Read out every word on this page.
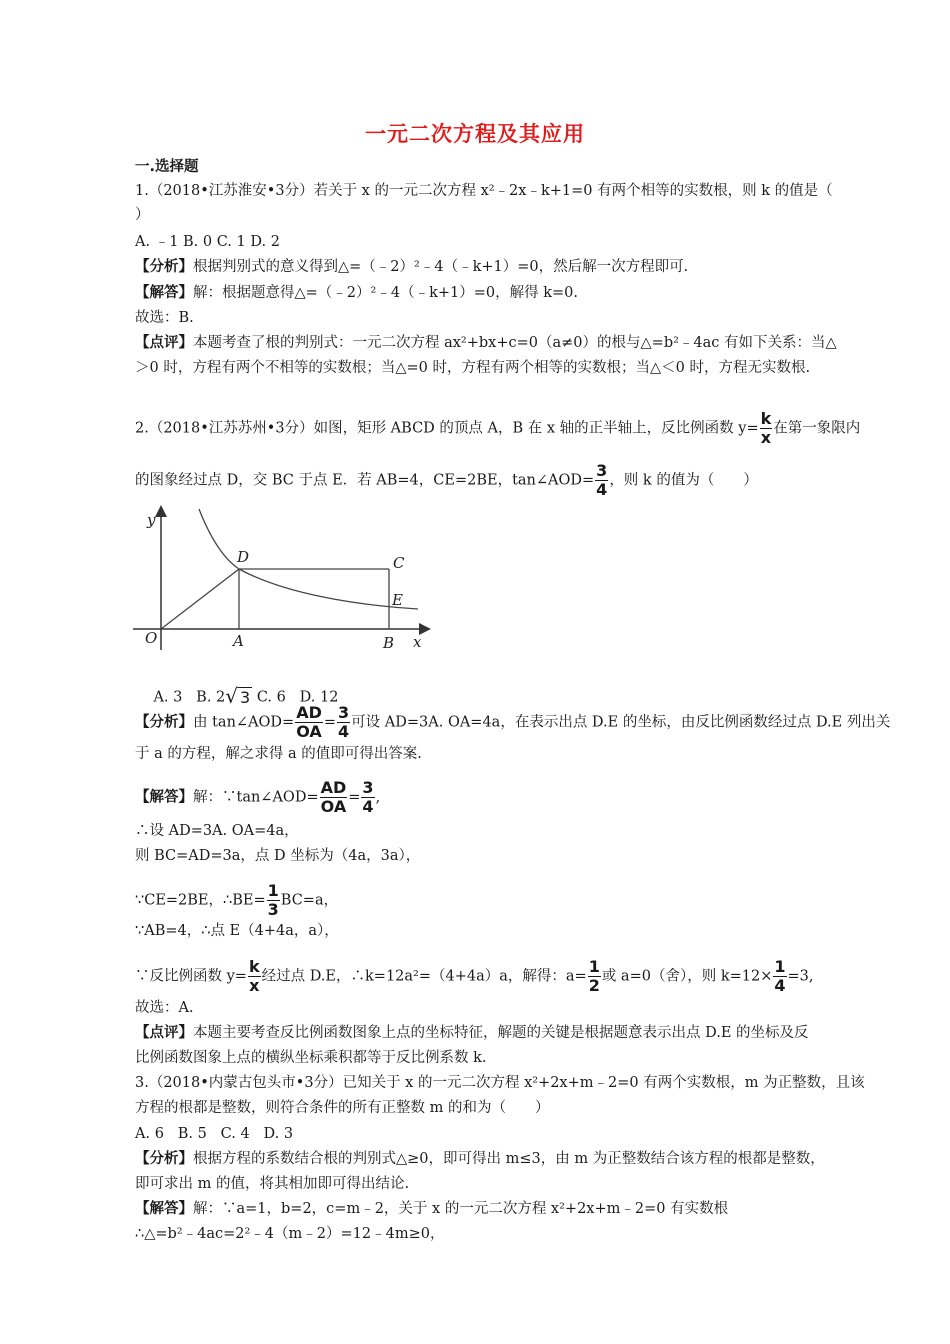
一元二次方程及其应用
一.选择题
1.（2018•江苏淮安•3分）若关于 x 的一元二次方程 x²﹣2x﹣k+1=0 有两个相等的实数根，则 k 的值是（
）
A. ﹣1 B. 0 C. 1 D. 2
【分析】根据判别式的意义得到△=（﹣2）²﹣4（﹣k+1）=0，然后解一次方程即可.
【解答】解：根据题意得△=（﹣2）²﹣4（﹣k+1）=0，解得 k=0.
故选：B.
【点评】本题考查了根的判别式：一元二次方程 ax²+bx+c=0（a≠0）的根与△=b²﹣4ac 有如下关系：当△
＞0 时，方程有两个不相等的实数根；当△=0 时，方程有两个相等的实数根；当△＜0 时，方程无实数根.
2.（2018•江苏苏州•3分）如图，矩形 ABCD 的顶点 A，B 在 x 轴的正半轴上，反比例函数 $y= \frac{k}{x}$ 在第一象限内
的图象经过点 D，交 BC 于点 E．若 AB=4，CE=2BE，tan∠AOD= $\frac{3}{4}$ ，则 k 的值为（　　）
y
x
O	A	B
C
D
E

A. 3   B. 2√ 3 C. 6   D. 12

【分析】由 tan∠AOD= $\frac{AD}{OA} = \frac{3}{4}$ 可设 AD=3A. OA=4a，在表示出点 D.E 的坐标，由反比例函数经过点 D.E 列出关
于 a 的方程，解之求得 a 的值即可得出答案.
【解答】解：∵tan∠AOD= $\frac{AD}{OA} = \frac{3}{4}$ ,
∴设 AD=3A. OA=4a，
则 BC=AD=3a，点 D 坐标为（4a，3a），
∵CE=2BE，∴BE= $\frac{1}{3} BC=a$，
∵AB=4，∴点 E（4+4a，a），
∵反比例函数 $y= \frac{k}{x}$ 经过点 D.E，∴k=12a²=（4+4a）a，解得：$a= \frac{1}{2}$ 或 a=0（舍），则 $k=12\times \frac{1}{4} =3$,
故选：A.
【点评】本题主要考查反比例函数图象上点的坐标特征，解题的关键是根据题意表示出点 D.E 的坐标及反
比例函数图象上点的横纵坐标乘积都等于反比例系数 k.
3.（2018•内蒙古包头市•3分）已知关于 x 的一元二次方程 x²+2x+m﹣2=0 有两个实数根，m 为正整数，且该
方程的根都是整数，则符合条件的所有正整数 m 的和为（　　）
A. 6   B. 5   C. 4   D. 3
【分析】根据方程的系数结合根的判别式△≥0，即可得出 m≤3，由 m 为正整数结合该方程的根都是整数，
即可求出 m 的值，将其相加即可得出结论.
【解答】解：∵a=1，b=2，c=m﹣2，关于 x 的一元二次方程 x²+2x+m﹣2=0 有实数根
∴△=b²﹣4ac=2²﹣4（m﹣2）=12﹣4m≥0，
